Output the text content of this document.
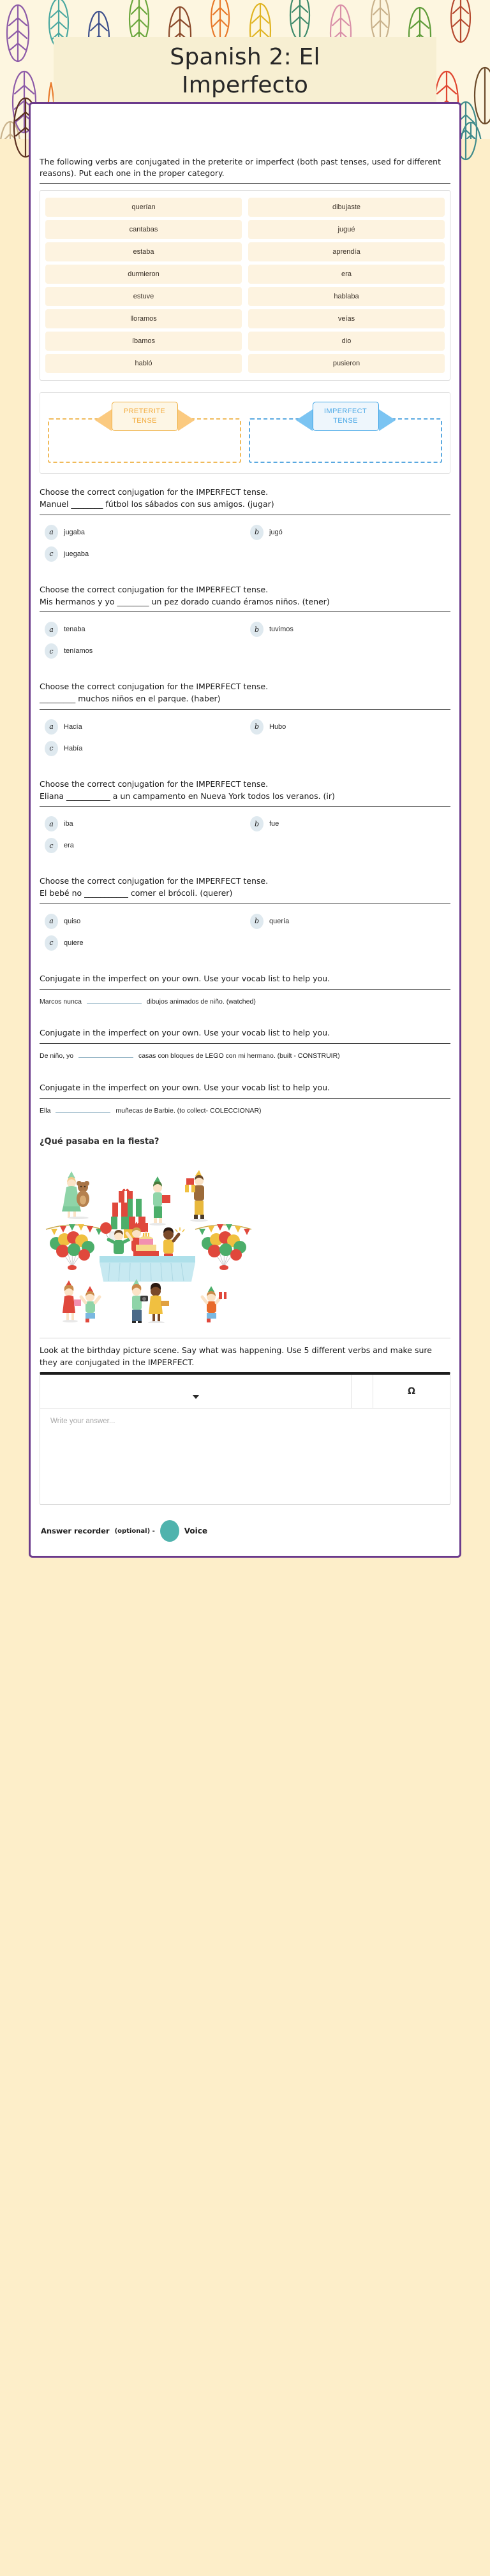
Spanish 2: El
Imperfecto

The following verbs are conjugated in the preterite or imperfect (both past tenses, used for different reasons). Put each one in the proper category.

querían	dibujaste
cantabas	jugué
estaba	aprendía
durmieron	era
estuve	hablaba
lloramos	veías
íbamos	dio
habló	pusieron
PRETERITE
TENSE
IMPERFECT
TENSE

Choose the correct conjugation for the IMPERFECT tense.

Manuel ________ fútbol los sábados con sus amigos. (jugar)

a	jugaba	b	jugó
c	juegaba

Choose the correct conjugation for the IMPERFECT tense.

Mis hermanos y yo ________ un pez dorado cuando éramos niños. (tener)

a	tenaba	b	tuvimos
c	teníamos

Choose the correct conjugation for the IMPERFECT tense.

_________ muchos niños en el parque. (haber)

a	Hacía	b	Hubo
c	Había

Choose the correct conjugation for the IMPERFECT tense.

Eliana ___________ a un campamento en Nueva York todos los veranos. (ir)

a	iba	b	fue
c	era

Choose the correct conjugation for the IMPERFECT tense.

El bebé no ___________ comer el brócoli. (querer)

a	quiso	b	quería
c	quiere

Conjugate in the imperfect on your own. Use your vocab list to help you.

Marcos nunca	dibujos animados de niño. (watched)

Conjugate in the imperfect on your own. Use your vocab list to help you.

De niño, yo	casas con bloques de LEGO con mi hermano. (built - CONSTRUIR)

Conjugate in the imperfect on your own. Use your vocab list to help you.

Ella	muñecas de Barbie. (to collect- COLECCIONAR)
¿Qué pasaba en la fiesta?

Look at the birthday picture scene. Say what was happening. Use 5 different verbs and make sure they are conjugated in the IMPERFECT.

Ω
Write your answer...
Answer recorder (optional) -	Voice
